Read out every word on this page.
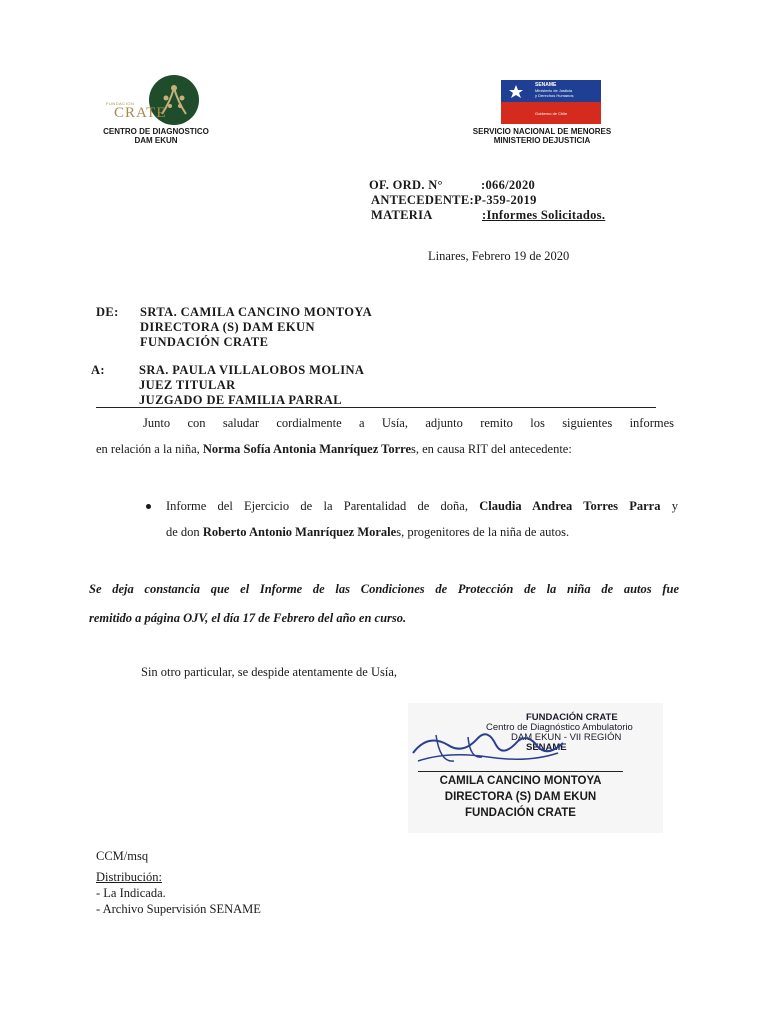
FUNDACION
CRATE
CENTRO DE DIAGNOSTICO
DAM EKUN
SENAME
Ministerio de Justicia
y Derechos Humanos
Gobierno de Chile
SERVICIO NACIONAL DE MENORES
MINISTERIO DEJUSTICIA
OF. ORD. N°	:066/2020
ANTECEDENTE:P-359-2019
MATERIA	:Informes Solicitados.
Linares, Febrero 19 de 2020
DE: SRTA. CAMILA CANCINO MONTOYA
DIRECTORA (S) DAM EKUN
FUNDACIÓN CRATE
A:	SRA. PAULA VILLALOBOS MOLINA
JUEZ TITULAR
JUZGADO DE FAMILIA PARRAL
Junto con saludar cordialmente a Usía, adjunto remito los siguientes informes
en relación a la niña, Norma Sofía Antonia Manríquez Torres, en causa RIT del antecedente:
Informe del Ejercicio de la Parentalidad de doña, Claudia Andrea Torres Parra y
de don Roberto Antonio Manríquez Morales, progenitores de la niña de autos.
Se deja constancia que el Informe de las Condiciones de Protección de la niña de autos fue
remitido a página OJV, el día 17 de Febrero del año en curso.
Sin otro particular, se despide atentamente de Usía,
FUNDACIÓN CRATE
Centro de Diagnóstico Ambulatorio
DAM EKUN - VII REGIÓN
SENAME
CAMILA CANCINO MONTOYA
DIRECTORA (S) DAM EKUN
FUNDACIÓN CRATE
CCM/msq
Distribución:
- La Indicada.
- Archivo Supervisión SENAME
